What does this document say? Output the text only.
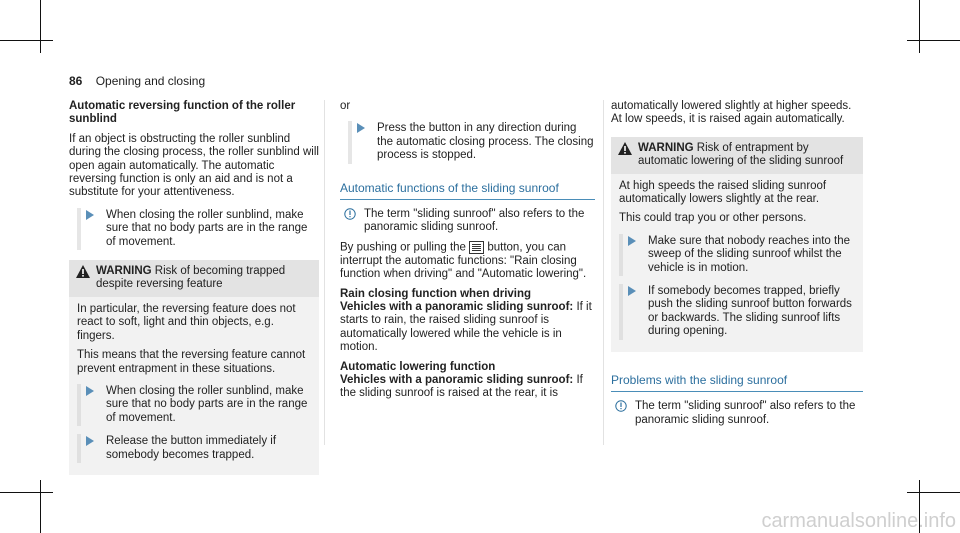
86 Opening and closing

Automatic reversing function of the roller sunblind

If an object is obstructing the roller sunblind during the closing process, the roller sunblind will open again automatically. The automatic reversing function is only an aid and is not a substitute for your attentiveness.

When closing the roller sunblind, make sure that no body parts are in the range of movement.
WARNING Risk of becoming trapped despite reversing feature

In particular, the reversing feature does not react to soft, light and thin objects, e.g. fingers.

This means that the reversing feature cannot prevent entrapment in these situations.

When closing the roller sunblind, make sure that no body parts are in the range of movement.
Release the button immediately if somebody becomes trapped.

or

Press the button in any direction during the automatic closing process. The closing process is stopped.
Automatic functions of the sliding sunroof

The term "sliding sunroof" also refers to the panoramic sliding sunroof.

By pushing or pulling the button, you can interrupt the automatic functions: "Rain closing function when driving" and "Automatic lowering".

Rain closing function when driving

Vehicles with a panoramic sliding sunroof: If it starts to rain, the raised sliding sunroof is automatically lowered while the vehicle is in motion.

Automatic lowering function

Vehicles with a panoramic sliding sunroof: If the sliding sunroof is raised at the rear, it is

automatically lowered slightly at higher speeds. At low speeds, it is raised again automatically.

WARNING Risk of entrapment by automatic lowering of the sliding sunroof

At high speeds the raised sliding sunroof automatically lowers slightly at the rear.

This could trap you or other persons.

Make sure that nobody reaches into the sweep of the sliding sunroof whilst the vehicle is in motion.
If somebody becomes trapped, briefly push the sliding sunroof button forwards or backwards. The sliding sunroof lifts during opening.
Problems with the sliding sunroof

The term "sliding sunroof" also refers to the panoramic sliding sunroof.

carmanualsonline.info
